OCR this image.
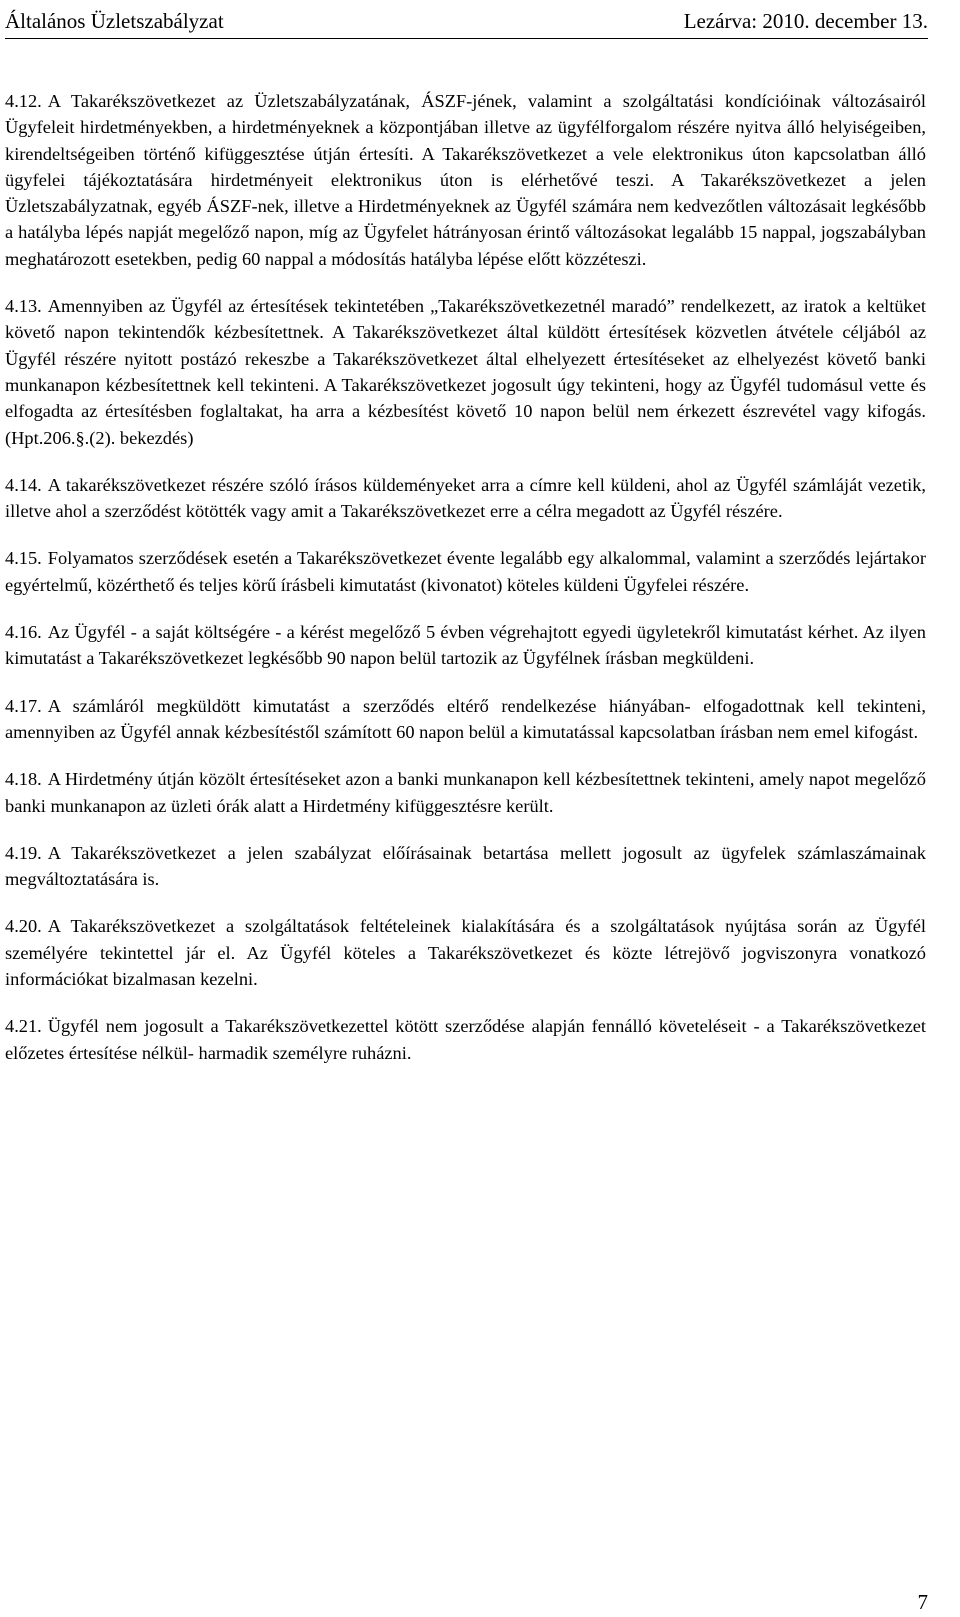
Általános Üzletszabályzat	Lezárva: 2010. december 13.

4.12. A Takarékszövetkezet az Üzletszabályzatának, ÁSZF-jének, valamint a szolgáltatási kondícióinak változásairól Ügyfeleit hirdetményekben, a hirdetményeknek a központjában illetve az ügyfélforgalom részére nyitva álló helyiségeiben, kirendeltségeiben történő kifüggesztése útján értesíti. A Takarékszövetkezet a vele elektronikus úton kapcsolatban álló ügyfelei tájékoztatására hirdetményeit elektronikus úton is elérhetővé teszi. A Takarékszövetkezet a jelen Üzletszabályzatnak, egyéb ÁSZF-nek, illetve a Hirdetményeknek az Ügyfél számára nem kedvezőtlen változásait legkésőbb a hatályba lépés napját megelőző napon, míg az Ügyfelet hátrányosan érintő változásokat legalább 15 nappal, jogszabályban meghatározott esetekben, pedig 60 nappal a módosítás hatályba lépése előtt közzéteszi.

4.13. Amennyiben az Ügyfél az értesítések tekintetében „Takarékszövetkezetnél maradó” rendelkezett, az iratok a keltüket követő napon tekintendők kézbesítettnek. A Takarékszövetkezet által küldött értesítések közvetlen átvétele céljából az Ügyfél részére nyitott postázó rekeszbe a Takarékszövetkezet által elhelyezett értesítéseket az elhelyezést követő banki munkanapon kézbesítettnek kell tekinteni. A Takarékszövetkezet jogosult úgy tekinteni, hogy az Ügyfél tudomásul vette és elfogadta az értesítésben foglaltakat, ha arra a kézbesítést követő 10 napon belül nem érkezett észrevétel vagy kifogás. (Hpt.206.§.(2). bekezdés)

4.14. A takarékszövetkezet részére szóló írásos küldeményeket arra a címre kell küldeni, ahol az Ügyfél számláját vezetik, illetve ahol a szerződést kötötték vagy amit a Takarékszövetkezet erre a célra megadott az Ügyfél részére.

4.15. Folyamatos szerződések esetén a Takarékszövetkezet évente legalább egy alkalommal, valamint a szerződés lejártakor egyértelmű, közérthető és teljes körű írásbeli kimutatást (kivonatot) köteles küldeni Ügyfelei részére.

4.16. Az Ügyfél - a saját költségére - a kérést megelőző 5 évben végrehajtott egyedi ügyletekről kimutatást kérhet. Az ilyen kimutatást a Takarékszövetkezet legkésőbb 90 napon belül tartozik az Ügyfélnek írásban megküldeni.

4.17. A számláról megküldött kimutatást a szerződés eltérő rendelkezése hiányában- elfogadottnak kell tekinteni, amennyiben az Ügyfél annak kézbesítéstől számított 60 napon belül a kimutatással kapcsolatban írásban nem emel kifogást.

4.18. A Hirdetmény útján közölt értesítéseket azon a banki munkanapon kell kézbesítettnek tekinteni, amely napot megelőző banki munkanapon az üzleti órák alatt a Hirdetmény kifüggesztésre került.

4.19. A Takarékszövetkezet a jelen szabályzat előírásainak betartása mellett jogosult az ügyfelek számlaszámainak megváltoztatására is.

4.20. A Takarékszövetkezet a szolgáltatások feltételeinek kialakítására és a szolgáltatások nyújtása során az Ügyfél személyére tekintettel jár el. Az Ügyfél köteles a Takarékszövetkezet és közte létrejövő jogviszonyra vonatkozó információkat bizalmasan kezelni.

4.21. Ügyfél nem jogosult a Takarékszövetkezettel kötött szerződése alapján fennálló követeléseit - a Takarékszövetkezet előzetes értesítése nélkül- harmadik személyre ruházni.

7
